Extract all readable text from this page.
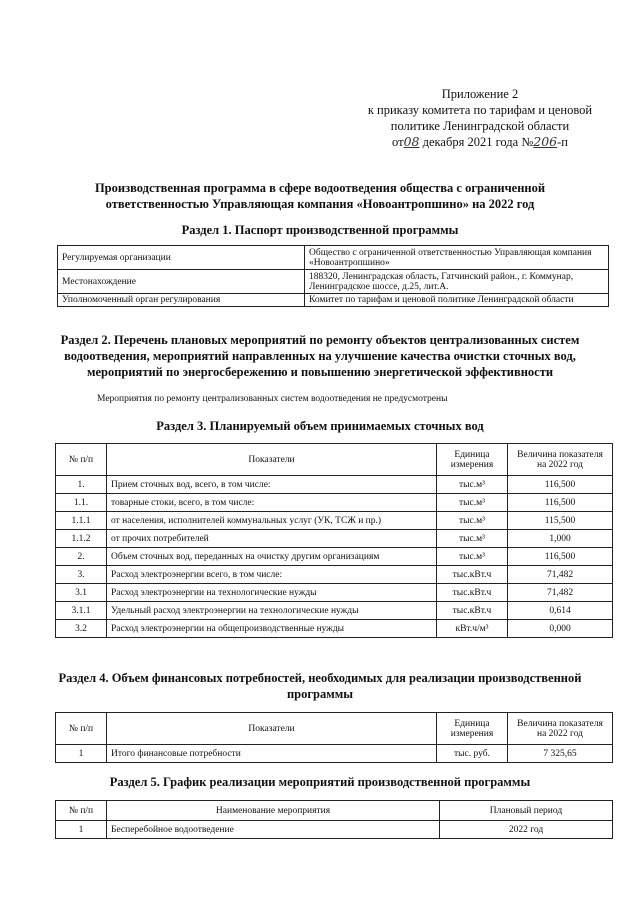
Приложение 2
к приказу комитета по тарифам и ценовой
политике Ленинградской области
от08 декабря 2021 года №206-п
Производственная программа в сфере водоотведения общества с ограниченной
ответственностью Управляющая компания «Новоантропшино» на 2022 год
Раздел 1. Паспорт производственной программы
Регулируемая организации	Общество с ограниченной ответственностью Управляющая компания «Новоантропшино»
Местонахождение	188320, Ленинградская область, Гатчинский район., г. Коммунар, Ленинградское шоссе, д.25, лит.А.
Уполномоченный орган регулирования	Комитет по тарифам и ценовой политике Ленинградской области
Раздел 2. Перечень плановых мероприятий по ремонту объектов централизованных систем
водоотведения, мероприятий направленных на улучшение качества очистки сточных вод,
мероприятий по энергосбережению и повышению энергетической эффективности
Мероприятия по ремонту централизованных систем водоотведения не предусмотрены
Раздел 3. Планируемый объем принимаемых сточных вод
№ п/п	Показатели	Единица измерения	Величина показателя на 2022 год
1.	Прием сточных вод, всего, в том числе:	тыс.м³	116,500
1.1.	товарные стоки, всего, в том числе:	тыс.м³	116,500
1.1.1	от населения, исполнителей коммунальных услуг (УК, ТСЖ и пр.)	тыс.м³	115,500
1.1.2	от прочих потребителей	тыс.м³	1,000
2.	Объем сточных вод, переданных на очистку другим организациям	тыс.м³	116,500
3.	Расход электроэнергии всего, в том числе:	тыс.кВт.ч	71,482
3.1	Расход электроэнергии на технологические нужды	тыс.кВт.ч	71,482
3.1.1	Удельный расход электроэнергии на технологические нужды	тыс.кВт.ч	0,614
3.2	Расход электроэнергии на общепроизводственные нужды	кВт.ч/м³	0,000
Раздел 4. Объем финансовых потребностей, необходимых для реализации производственной
программы
№ п/п	Показатели	Единица измерения	Величина показателя на 2022 год
1	Итого финансовые потребности	тыс. руб.	7 325,65
Раздел 5. График реализации мероприятий производственной программы
№ п/п	Наименование мероприятия	Плановый период
1	Бесперебойное водоотведение	2022 год
